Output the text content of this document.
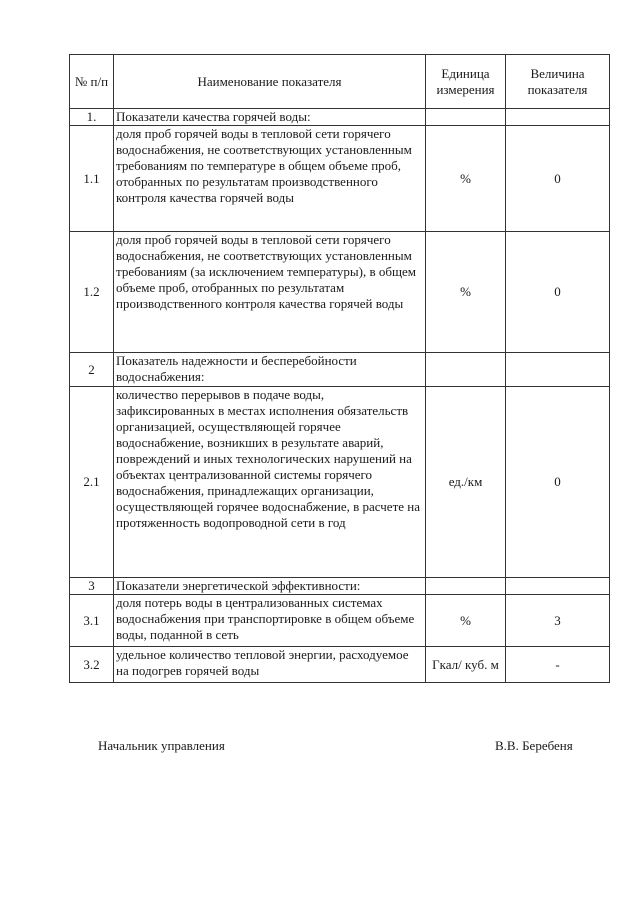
№ п/п	Наименование показателя	Единица измерения	Величина показателя
1.	Показатели качества горячей воды:		
1.1	доля проб горячей воды в тепловой сети горячего водоснабжения, не соответствующих установленным требованиям по температуре в общем объеме проб, отобранных по результатам производственного контроля качества горячей воды	%	0
1.2	доля проб горячей воды в тепловой сети горячего водоснабжения, не соответствующих установленным требованиям (за исключением температуры), в общем объеме проб, отобранных по результатам производственного контроля качества горячей воды	%	0
2	Показатель надежности и бесперебойности водоснабжения:		
2.1	количество перерывов в подаче воды, зафиксированных в местах исполнения обязательств организацией, осуществляющей горячее водоснабжение, возникших в результате аварий, повреждений и иных технологических нарушений на объектах централизованной системы горячего водоснабжения, принадлежащих организации, осуществляющей горячее водоснабжение, в расчете на протяженность водопроводной сети в год	ед./км	0
3	Показатели энергетической эффективности:		
3.1	доля потерь воды в централизованных системах водоснабжения при транспортировке в общем объеме воды, поданной в сеть	%	3
3.2	удельное количество тепловой энергии, расходуемое на подогрев горячей воды	Гкал/ куб. м	-
Начальник управления	В.В. Беребеня
